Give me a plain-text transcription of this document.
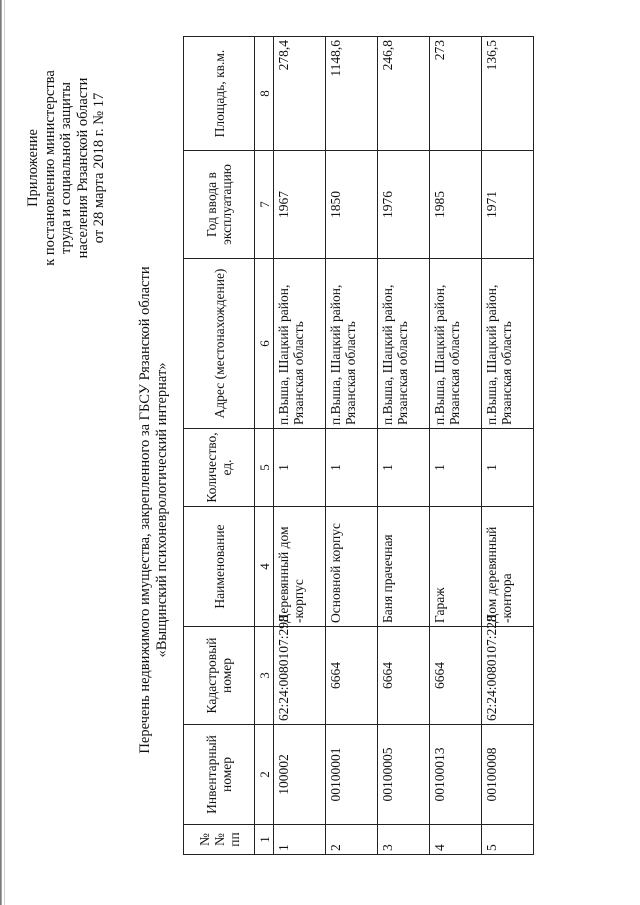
Приложение к постановлению министерства труда и социальной защиты населения Рязанской области от 28 марта 2018 г. № 17
Перечень недвижимого имущества, закрепленного за ГБСУ Рязанской области «Выщинский психоневрологический интернат»
№ № пп	Инвентарный номер	Кадастровый номер	Наименование	Количество, ед.	Адрес (местонахождение)	Год ввода в эксплуатацию	Площадь, кв.м.
1	2	3	4	5	6	7	8
1	100002	62:24:0080107:298	Деревянный дом -корпус	1	п.Выша, Шацкий район, Рязанская область	1967	278,4
2	00100001	6664	Основной корпус	1	п.Выша, Шацкий район, Рязанская область	1850	1148,6
3	00100005	6664	Баня прачечная	1	п.Выша, Шацкий район, Рязанская область	1976	246,8
4	00100013	6664	Гараж	1	п.Выша, Шацкий район, Рязанская область	1985	273
5	00100008	62:24:0080107:228	Дом деревянный -контора	1	п.Выша, Шацкий район, Рязанская область	1971	136,5
